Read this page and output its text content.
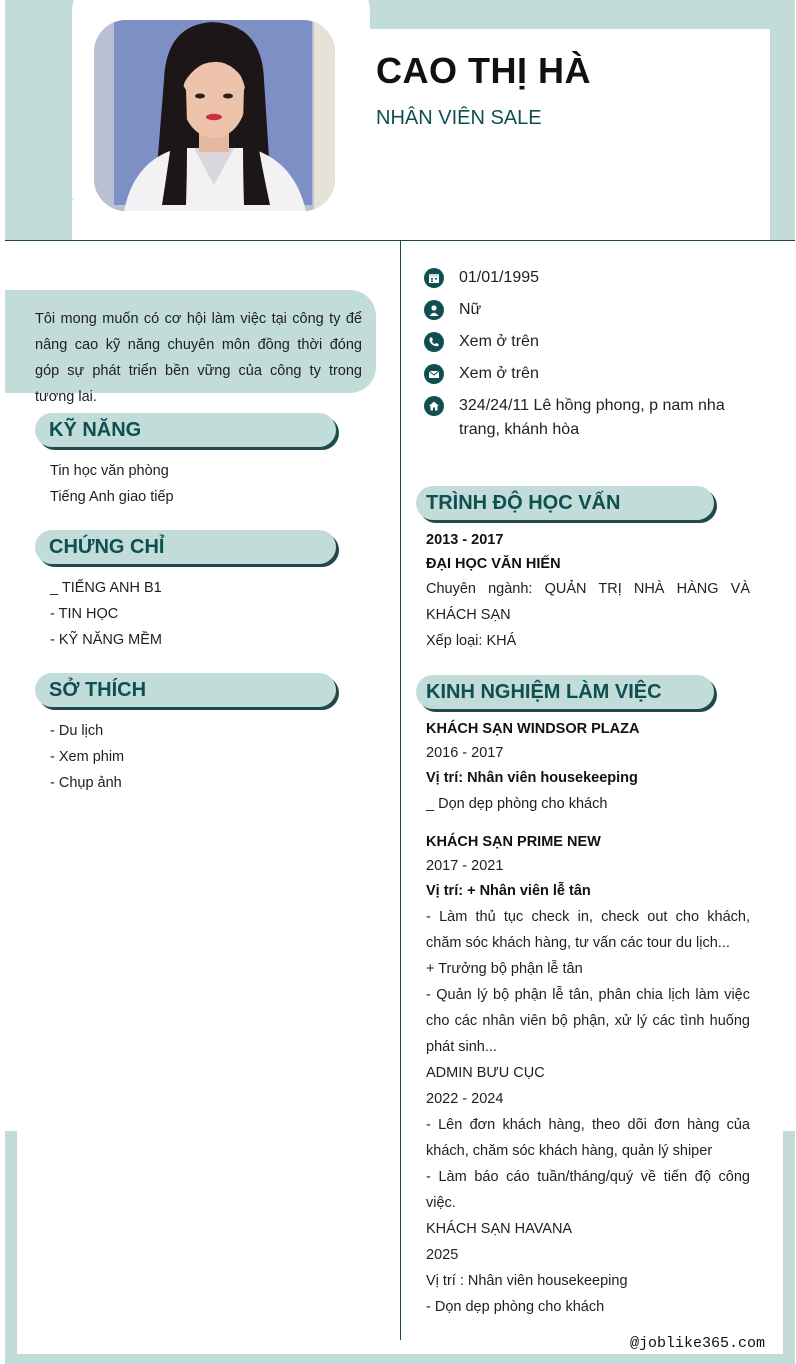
CAO THỊ HÀ
NHÂN VIÊN SALE
Tôi mong muốn có cơ hội làm việc tại công ty để nâng cao kỹ năng chuyên môn đồng thời đóng góp sự phát triển bền vững của công ty trong tương lai.
KỸ NĂNG
Tin học văn phòng
Tiếng Anh giao tiếp
CHỨNG CHỈ
_ TIẾNG ANH B1
- TIN HỌC
- KỸ NĂNG MỀM
SỞ THÍCH
- Du lịch
- Xem phim
- Chụp ảnh
01/01/1995
Nữ
Xem ở trên
Xem ở trên
324/24/11 Lê hồng phong, p nam nha trang, khánh hòa
TRÌNH ĐỘ HỌC VẤN
2013 - 2017
ĐẠI HỌC VĂN HIẾN
Chuyên ngành: QUẢN TRỊ NHÀ HÀNG VÀ KHÁCH SẠN
Xếp loại: KHÁ
KINH NGHIỆM LÀM VIỆC
KHÁCH SẠN WINDSOR PLAZA
2016 - 2017
Vị trí: Nhân viên housekeeping
_ Dọn dẹp phòng cho khách
KHÁCH SẠN PRIME NEW
2017 - 2021
Vị trí: + Nhân viên lễ tân
- Làm thủ tục check in, check out cho khách, chăm sóc khách hàng, tư vấn các tour du lịch...
+ Trưởng bộ phận lễ tân
- Quản lý bộ phận lễ tân, phân chia lịch làm việc cho các nhân viên bộ phận, xử lý các tình huống phát sinh...
ADMIN BƯU CỤC
2022 - 2024
- Lên đơn khách hàng, theo dõi đơn hàng của khách, chăm sóc khách hàng, quản lý shiper
- Làm báo cáo tuần/tháng/quý về tiến độ công việc.
KHÁCH SẠN HAVANA
2025
Vị trí : Nhân viên housekeeping
- Dọn dẹp phòng cho khách
@joblike365.com
